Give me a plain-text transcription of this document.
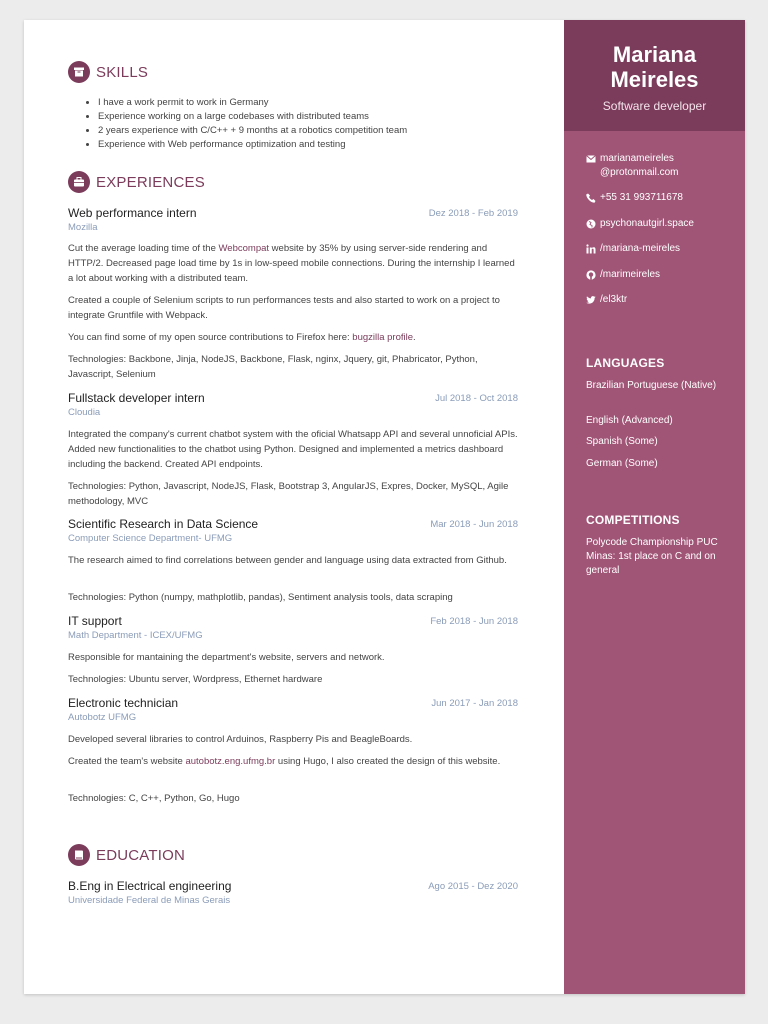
SKILLS
• I have a work permit to work in Germany
• Experience working on a large codebases with distributed teams
• 2 years experience with C/C++ + 9 months at a robotics competition team
• Experience with Web performance optimization and testing
EXPERIENCES
Web performance intern	Dez 2018 - Feb 2019
Mozilla

Cut the average loading time of the Webcompat website by 35% by using server-side rendering and HTTP/2. Decreased page load time by 1s in low-speed mobile connections. During the internship I learned a lot about working with a distributed team.

Created a couple of Selenium scripts to run performances tests and also started to work on a project to integrate Gruntfile with Webpack.

You can find some of my open source contributions to Firefox here: bugzilla profile.

Technologies: Backbone, Jinja, NodeJS, Backbone, Flask, nginx, Jquery, git, Phabricator, Python, Javascript, Selenium

Fullstack developer intern	Jul 2018 - Oct 2018
Cloudia

Integrated the company's current chatbot system with the oficial Whatsapp API and several unnoficial APIs. Added new functionalities to the chatbot using Python. Designed and implemented a metrics dashboard including the backend. Created API endpoints.

Technologies: Python, Javascript, NodeJS, Flask, Bootstrap 3, AngularJS, Expres, Docker, MySQL, Agile methodology, MVC

Scientific Research in Data Science	Mar 2018 - Jun 2018
Computer Science Department- UFMG

The research aimed to find correlations between gender and language using data extracted from Github.

Technologies: Python (numpy, mathplotlib, pandas), Sentiment analysis tools, data scraping

IT support	Feb 2018 - Jun 2018
Math Department - ICEX/UFMG

Responsible for mantaining the department's website, servers and network.

Technologies: Ubuntu server, Wordpress, Ethernet hardware

Electronic technician	Jun 2017 - Jan 2018
Autobotz UFMG

Developed several libraries to control Arduinos, Raspberry Pis and BeagleBoards.

Created the team's website autobotz.eng.ufmg.br using Hugo, I also created the design of this website.

Technologies: C, C++, Python, Go, Hugo

EDUCATION
B.Eng in Electrical engineering	Ago 2015 - Dez 2020
Universidade Federal de Minas Gerais
Mariana
Meireles
Software developer
marianameireles @protonmail.com
+55 31 993711678
psychonautgirl.space
/mariana-meireles
/marimeireles
/el3ktr
LANGUAGES
Brazilian Portuguese (Native)
English (Advanced)
Spanish (Some)
German (Some)
COMPETITIONS
Polycode Championship PUC Minas: 1st place on C and on general
